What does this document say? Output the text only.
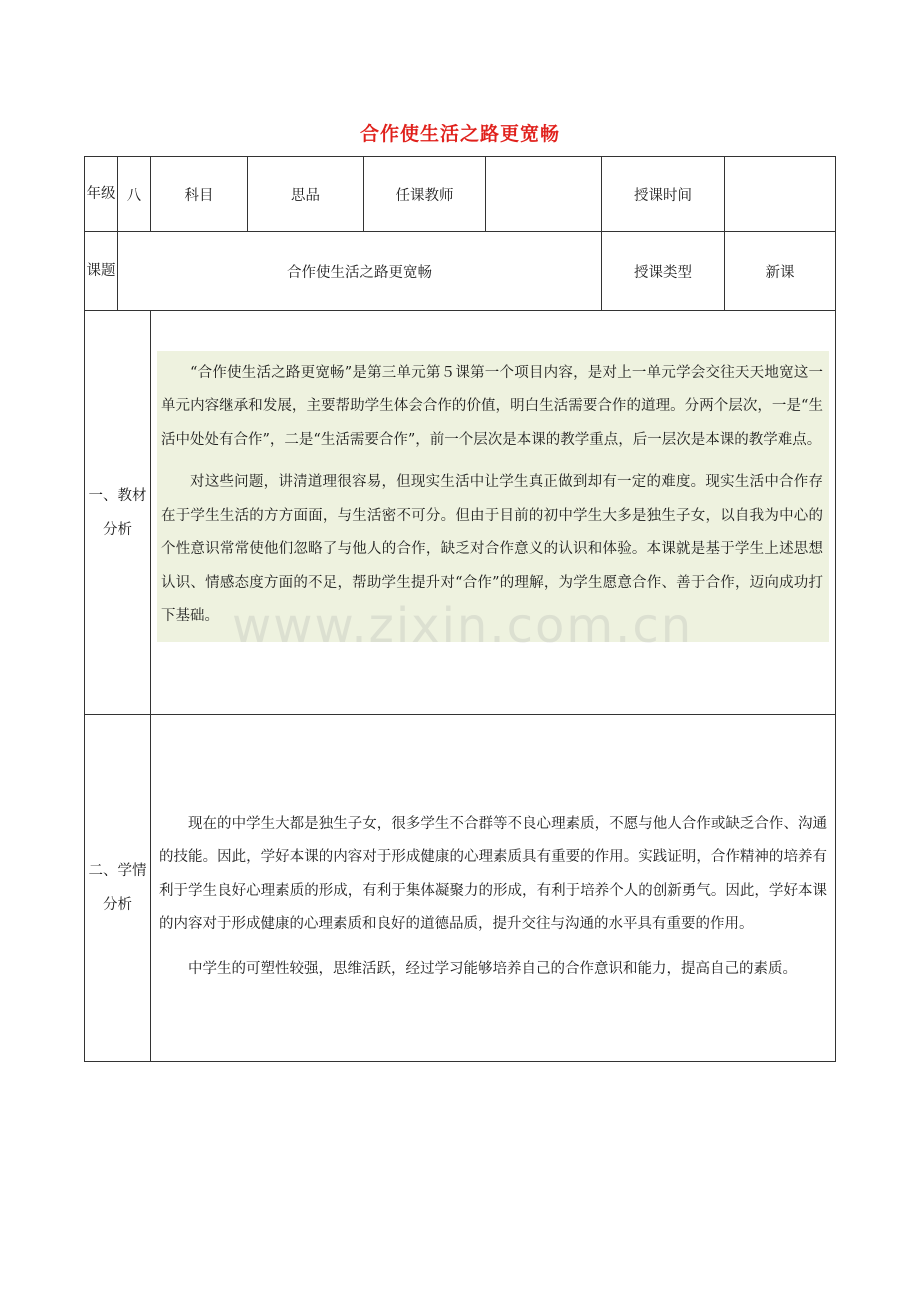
合作使生活之路更宽畅
年级	八	科目	思品	任课教师		授课时间	
课题	合作使生活之路更宽畅					授课类型	新课
一、教材分析		“合作使生活之路更宽畅”是第三单元第５课第一个项目内容，是对上一单元学会交往天天地宽这一单元内容继承和发展，主要帮助学生体会合作的价值，明白生活需要合作的道理。分两个层次，一是“生活中处处有合作”，二是“生活需要合作”，前一个层次是本课的教学重点，后一层次是本课的教学难点。

对这些问题，讲清道理很容易，但现实生活中让学生真正做到却有一定的难度。现实生活中合作存在于学生生活的方方面面，与生活密不可分。但由于目前的初中学生大多是独生子女，以自我为中心的个性意识常常使他们忽略了与他人的合作，缺乏对合作意义的认识和体验。本课就是基于学生上述思想认识、情感态度方面的不足，帮助学生提升对“合作”的理解，为学生愿意合作、善于合作，迈向成功打下基础。					

二、学情分析		现在的中学生大都是独生子女，很多学生不合群等不良心理素质，不愿与他人合作或缺乏合作、沟通的技能。因此，学好本课的内容对于形成健康的心理素质具有重要的作用。实践证明，合作精神的培养有利于学生良好心理素质的形成，有利于集体凝聚力的形成，有利于培养个人的创新勇气。因此，学好本课的内容对于形成健康的心理素质和良好的道德品质，提升交往与沟通的水平具有重要的作用。

中学生的可塑性较强，思维活跃，经过学习能够培养自己的合作意识和能力，提高自己的素质。					

www.zixin.com.cn
